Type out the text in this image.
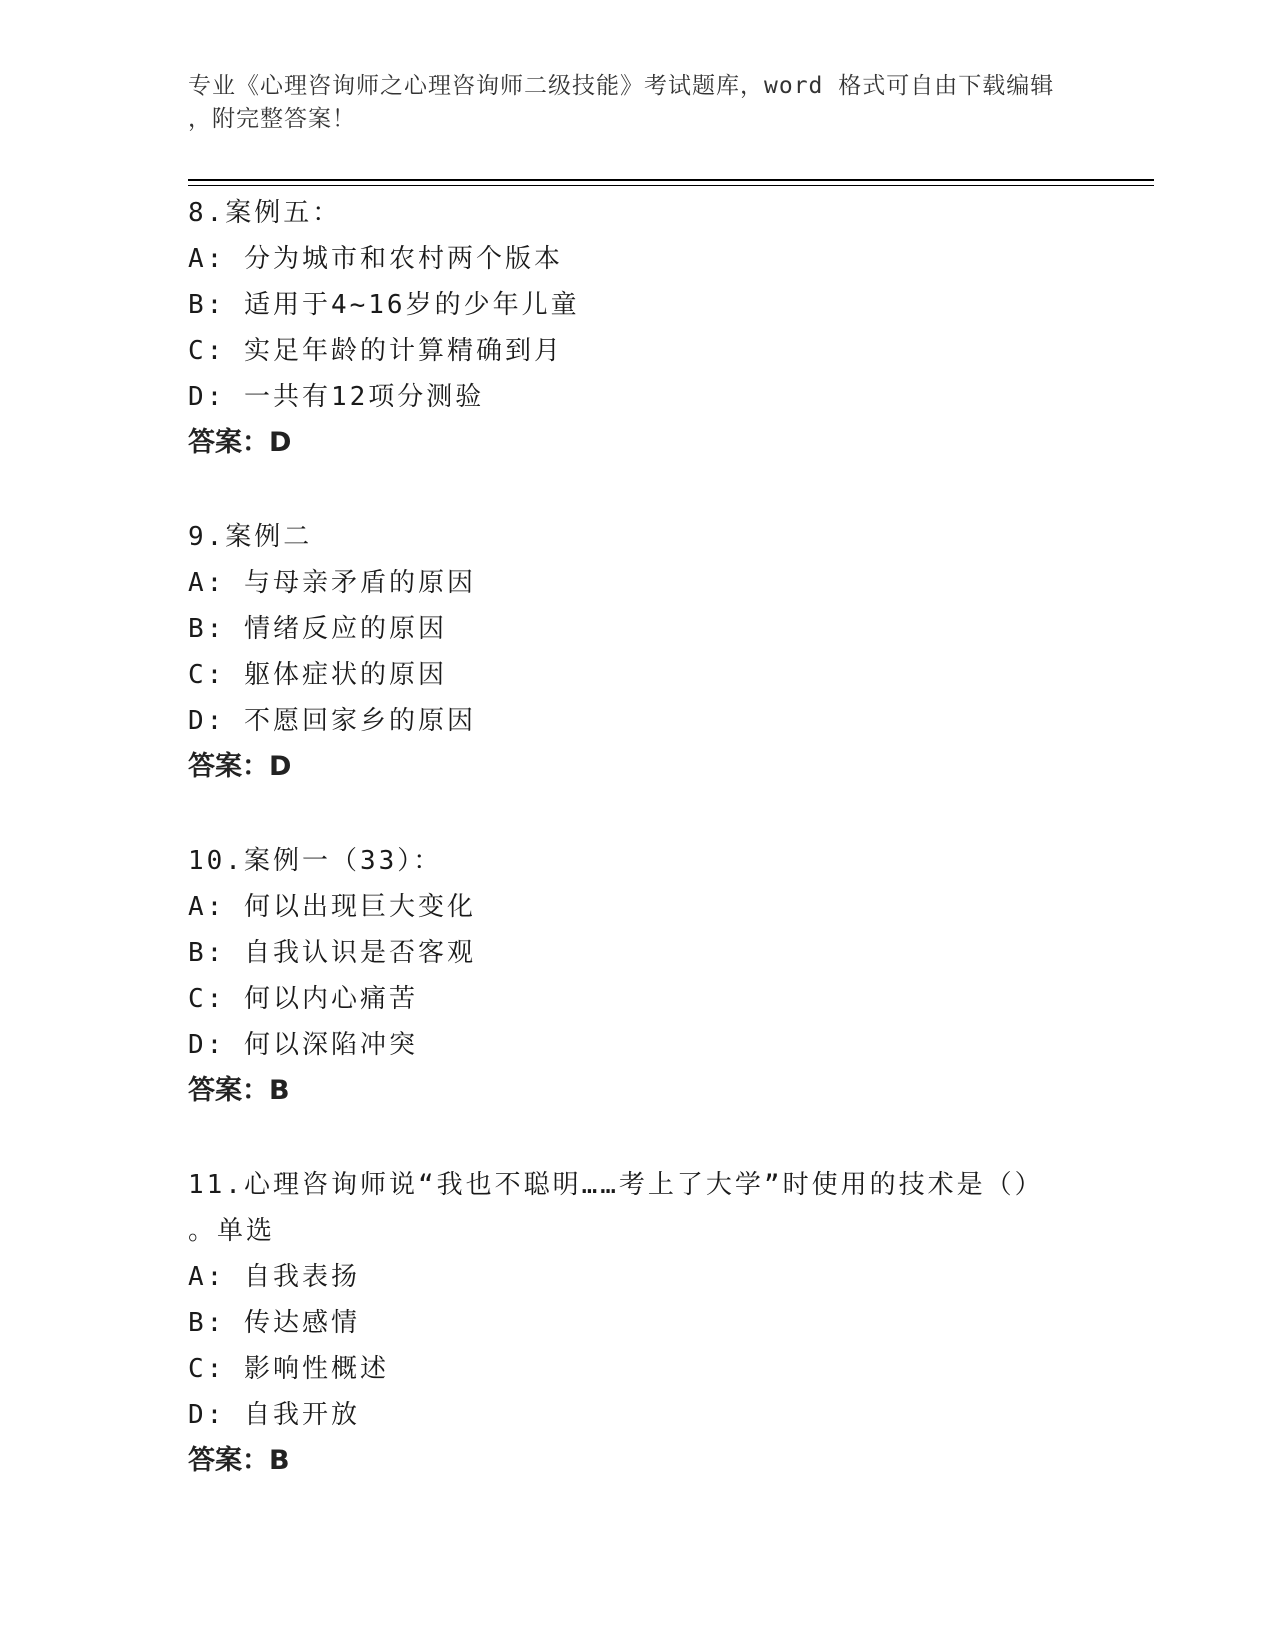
专业《心理咨询师之心理咨询师二级技能》考试题库，word 格式可自由下载编辑
，附完整答案！
8.案例五：
A: 分为城市和农村两个版本
B: 适用于4~16岁的少年儿童
C: 实足年龄的计算精确到月
D: 一共有12项分测验
答案：D
9.案例二
A: 与母亲矛盾的原因
B: 情绪反应的原因
C: 躯体症状的原因
D: 不愿回家乡的原因
答案：D
10.案例一（33）：
A: 何以出现巨大变化
B: 自我认识是否客观
C: 何以内心痛苦
D: 何以深陷冲突
答案：B
11.心理咨询师说“我也不聪明……考上了大学”时使用的技术是（）
。单选
A: 自我表扬
B: 传达感情
C: 影响性概述
D: 自我开放
答案：B
